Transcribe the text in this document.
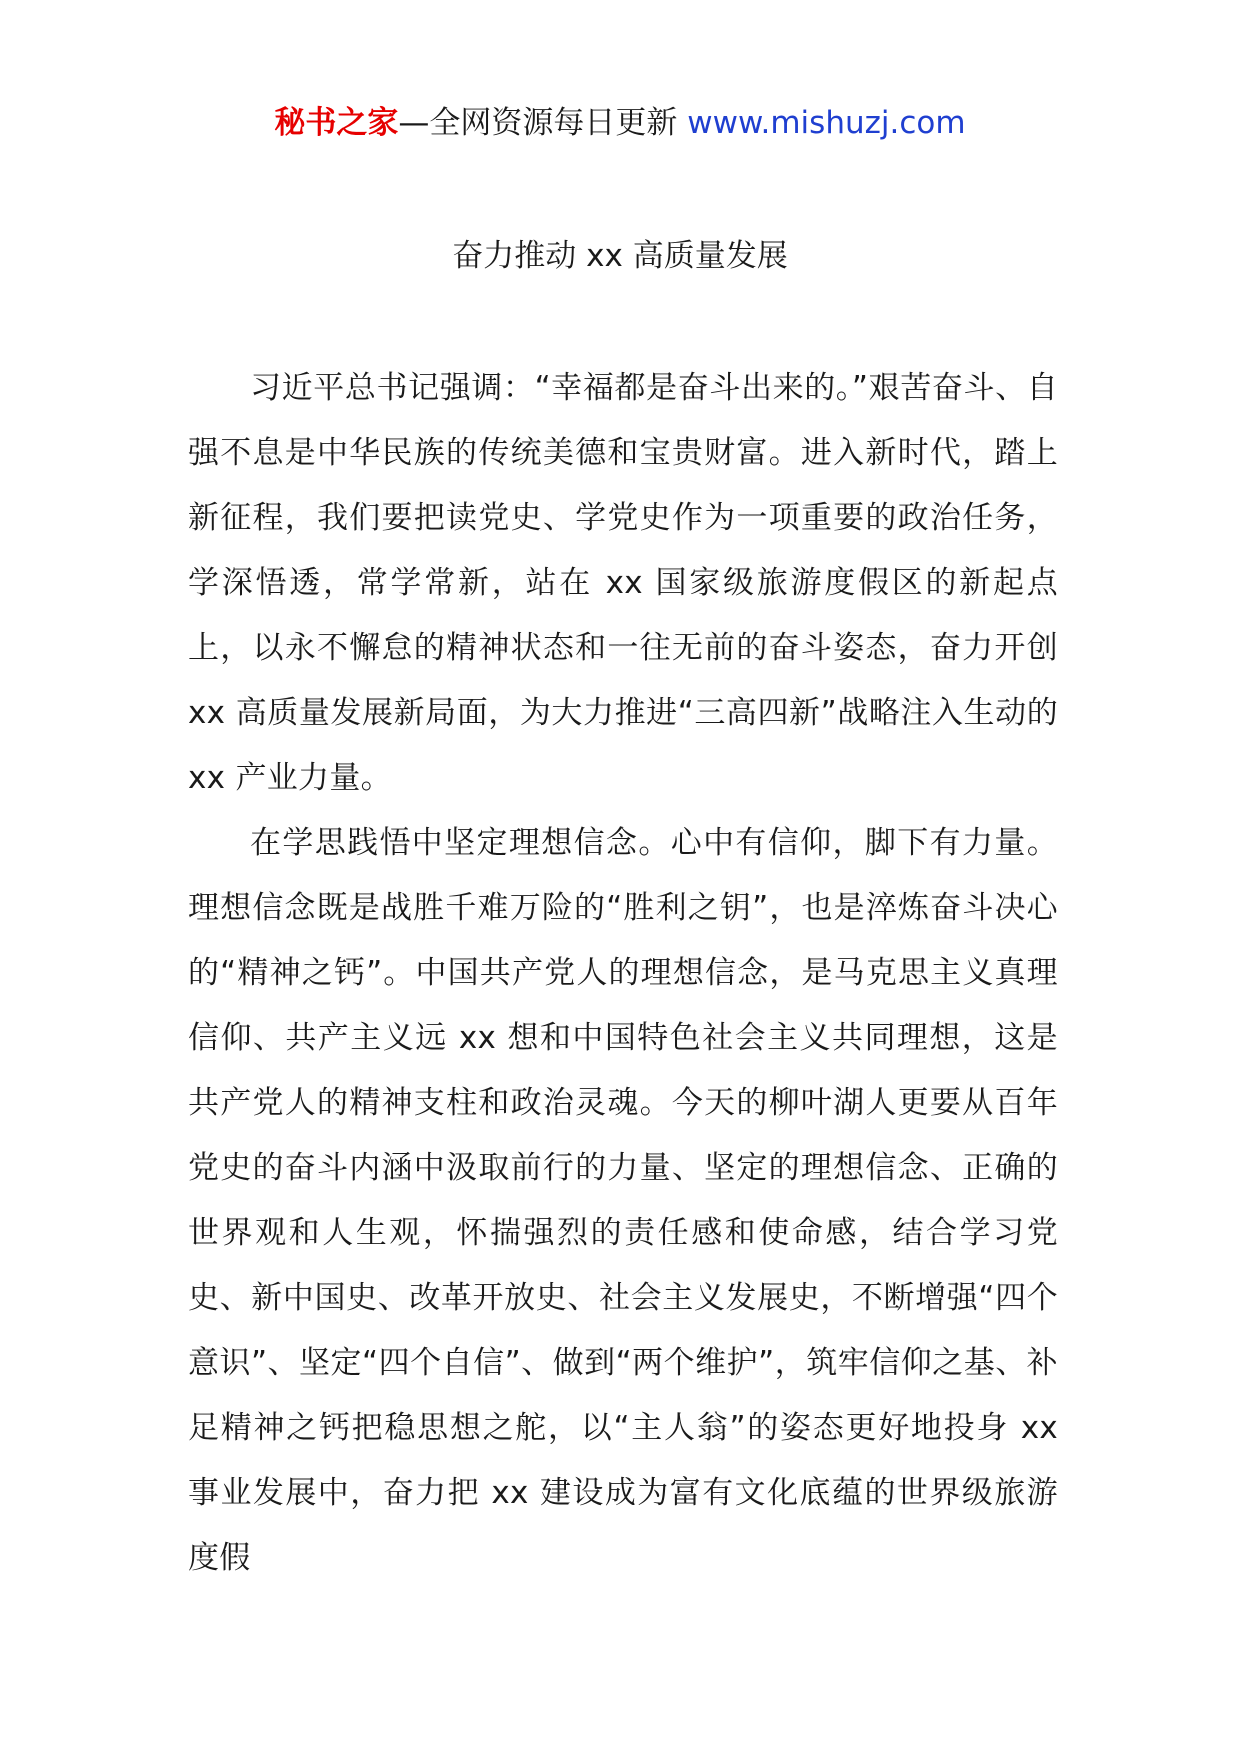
秘书之家—全网资源每日更新 www.mishuzj.com
奋力推动 xx 高质量发展

习近平总书记强调：“幸福都是奋斗出来的。”艰苦奋斗、自强不息是中华民族的传统美德和宝贵财富。进入新时代，踏上新征程，我们要把读党史、学党史作为一项重要的政治任务，学深悟透，常学常新，站在 xx 国家级旅游度假区的新起点上，以永不懈怠的精神状态和一往无前的奋斗姿态，奋力开创 xx 高质量发展新局面，为大力推进“三高四新”战略注入生动的 xx 产业力量。

在学思践悟中坚定理想信念。心中有信仰，脚下有力量。理想信念既是战胜千难万险的“胜利之钥”，也是淬炼奋斗决心的“精神之钙”。中国共产党人的理想信念，是马克思主义真理信仰、共产主义远 xx 想和中国特色社会主义共同理想，这是共产党人的精神支柱和政治灵魂。今天的柳叶湖人更要从百年党史的奋斗内涵中汲取前行的力量、坚定的理想信念、正确的世界观和人生观，怀揣强烈的责任感和使命感，结合学习党史、新中国史、改革开放史、社会主义发展史，不断增强“四个意识”、坚定“四个自信”、做到“两个维护”，筑牢信仰之基、补足精神之钙把稳思想之舵，以“主人翁”的姿态更好地投身 xx 事业发展中，奋力把 xx 建设成为富有文化底蕴的世界级旅游度假
